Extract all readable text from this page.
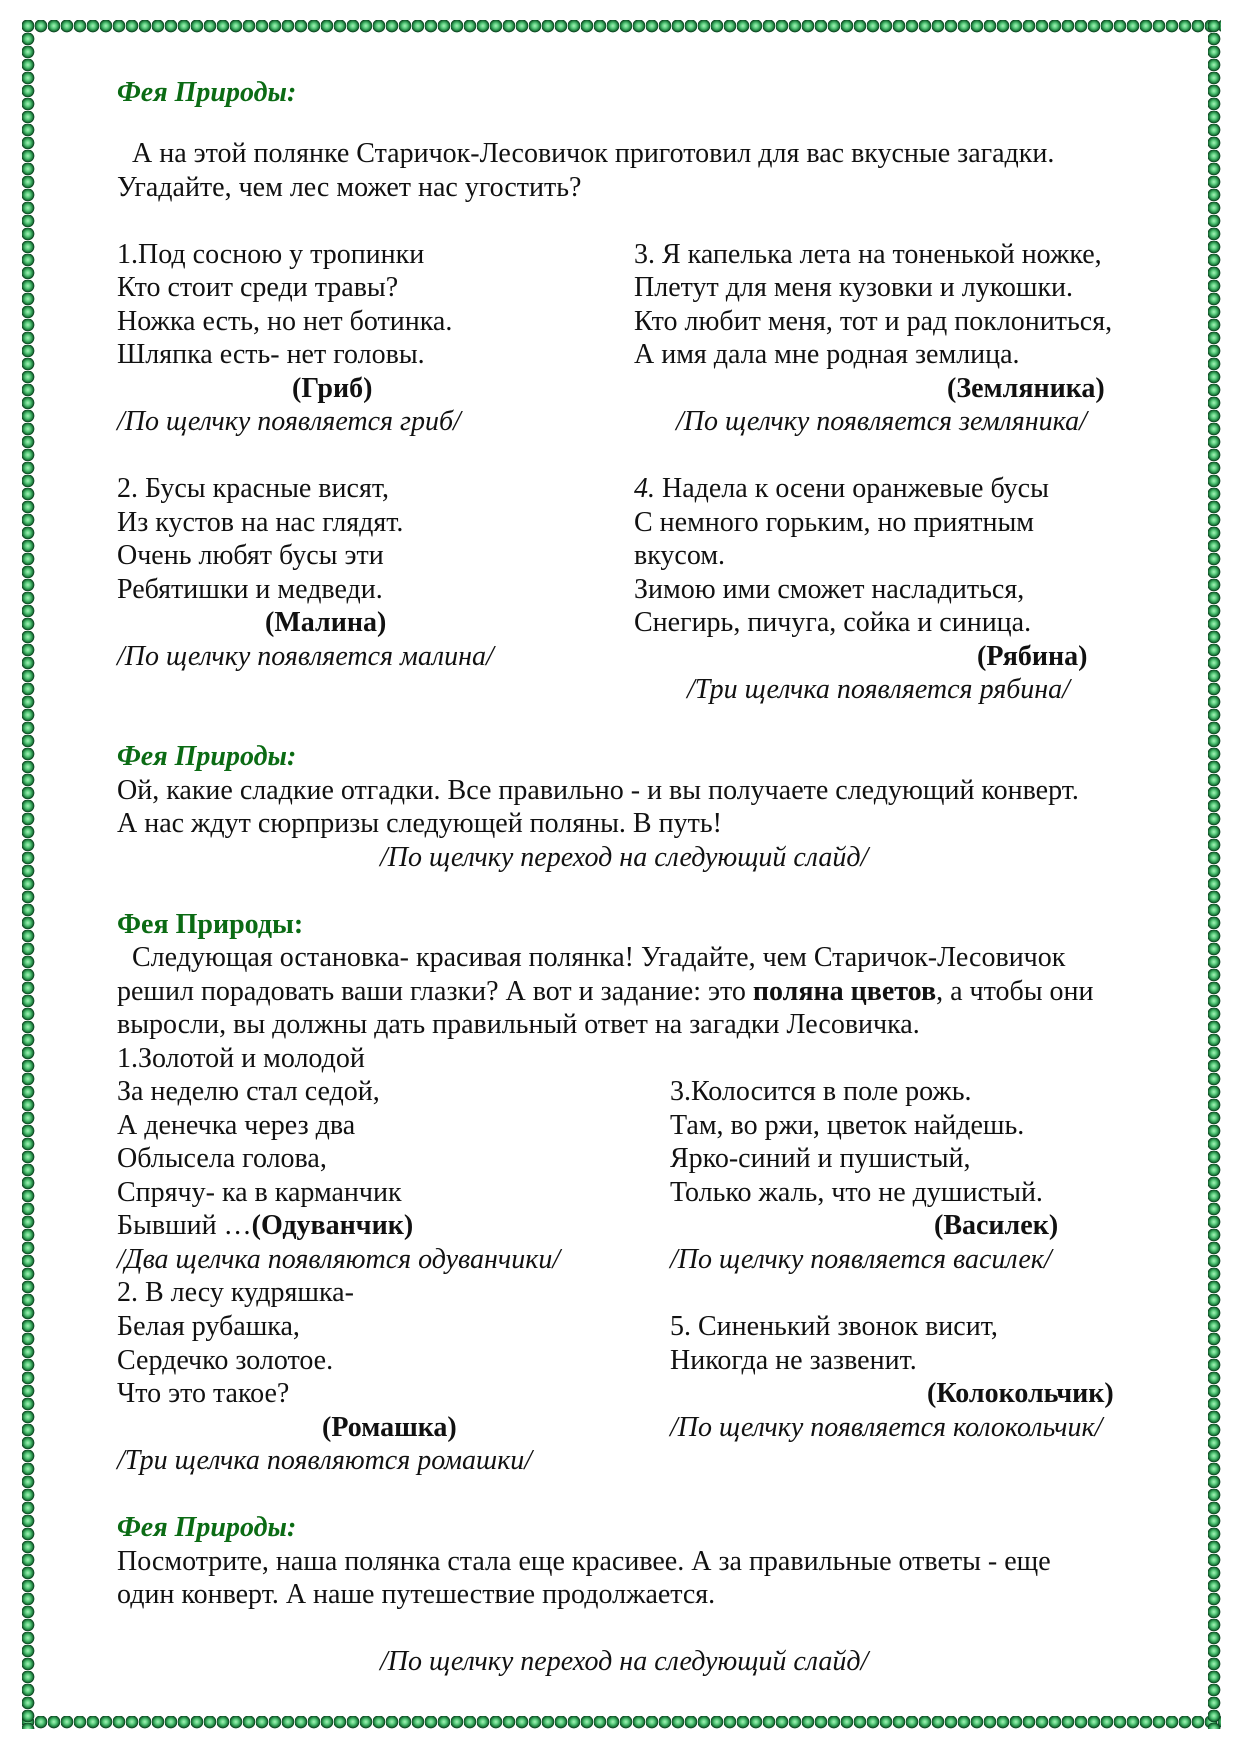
Фея Природы:
А на этой полянке Старичок-Лесовичок приготовил для вас вкусные загадки.
Угадайте, чем лес может нас угостить?
1.Под сосною у тропинки
Кто стоит среди травы?
Ножка есть, но нет ботинка.
Шляпка есть- нет головы.
(Гриб)
/По щелчку появляется гриб/
3. Я капелька лета на тоненькой ножке,
Плетут для меня кузовки и лукошки.
Кто любит меня, тот и рад поклониться,
А имя дала мне родная землица.
(Земляника)
/По щелчку появляется земляника/
2. Бусы красные висят,
Из кустов на нас глядят.
Очень любят бусы эти
Ребятишки и медведи.
(Малина)
/По щелчку появляется малина/
4. Надела к осени оранжевые бусы
С немного горьким, но приятным
вкусом.
Зимою ими сможет насладиться,
Снегирь, пичуга, сойка и синица.
(Рябина)
/Три щелчка появляется рябина/
Фея Природы:
Ой, какие сладкие отгадки. Все правильно - и вы получаете следующий конверт.
А нас ждут сюрпризы следующей поляны. В путь!
/По щелчку переход на следующий слайд/
Фея Природы:
Следующая остановка- красивая полянка! Угадайте, чем Старичок-Лесовичок
решил порадовать ваши глазки? А вот и задание: это поляна цветов, а чтобы они
выросли, вы должны дать правильный ответ на загадки Лесовичка.
1.Золотой и молодой
За неделю стал седой,
А денечка через два
Облысела голова,
Спрячу- ка в карманчик
Бывший …(Одуванчик)
/Два щелчка появляются одуванчики/
2. В лесу кудряшка-
Белая рубашка,
Сердечко золотое.
Что это такое?
(Ромашка)
/Три щелчка появляются ромашки/
3.Колосится в поле рожь.
Там, во ржи, цветок найдешь.
Ярко-синий и пушистый,
Только жаль, что не душистый.
(Василек)
/По щелчку появляется василек/
5. Синенький звонок висит,
Никогда не зазвенит.
(Колокольчик)
/По щелчку появляется колокольчик/
Фея Природы:
Посмотрите, наша полянка стала еще красивее. А за правильные ответы - еще
один конверт. А наше путешествие продолжается.
/По щелчку переход на следующий слайд/
